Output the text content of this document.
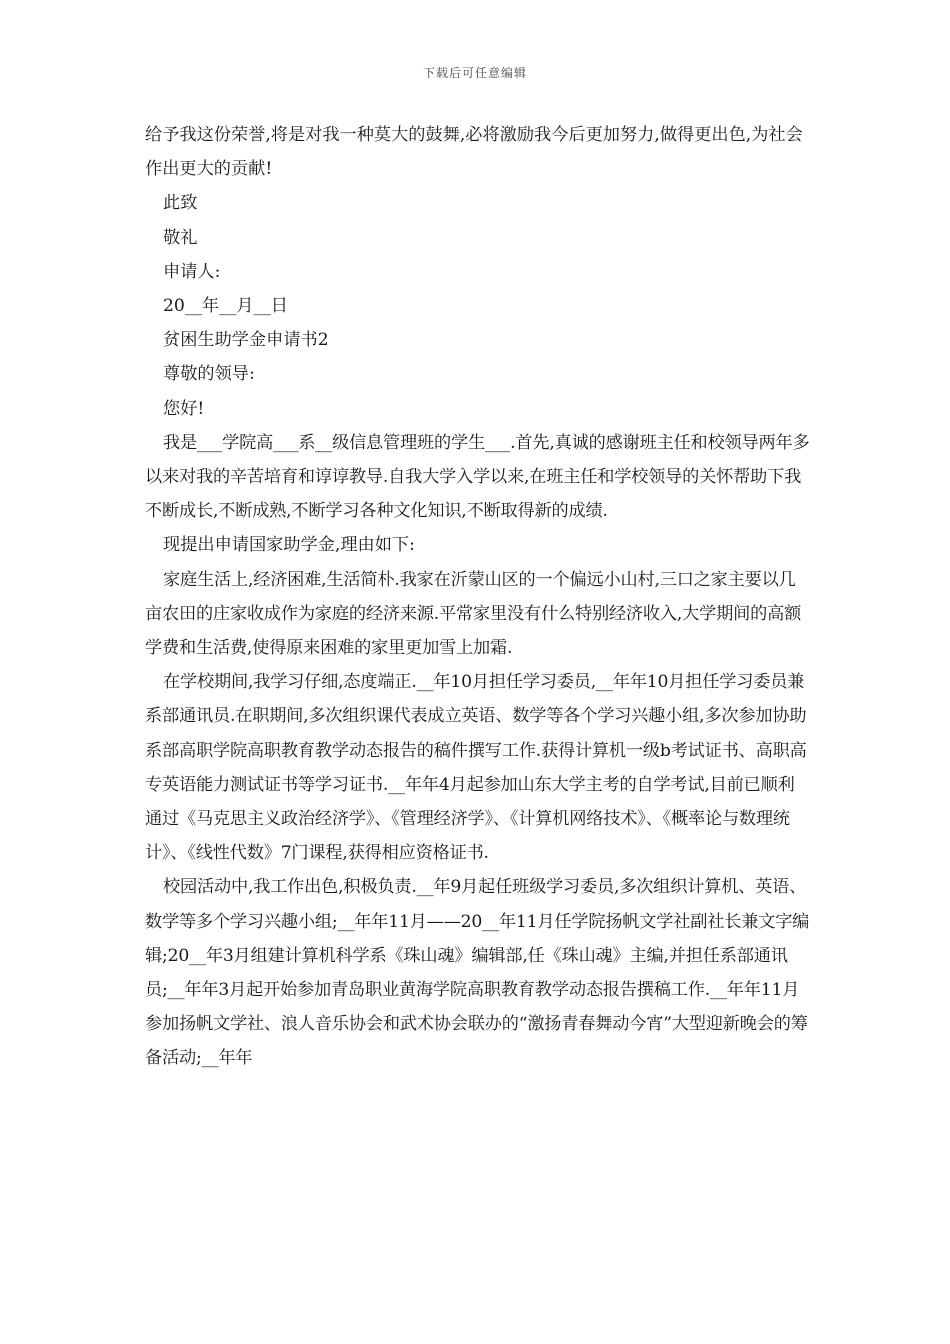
下载后可任意编辑

给予我这份荣誉,将是对我一种莫大的鼓舞,必将激励我今后更加努力,做得更出色,为社会作出更大的贡献!

此致

敬礼

申请人:

20__年__月__日

贫困生助学金申请书2

尊敬的领导:

您好!

我是___学院高___系__级信息管理班的学生___.首先,真诚的感谢班主任和校领导两年多以来对我的辛苦培育和谆谆教导.自我大学入学以来,在班主任和学校领导的关怀帮助下我不断成长,不断成熟,不断学习各种文化知识,不断取得新的成绩.

现提出申请国家助学金,理由如下:

家庭生活上,经济困难,生活简朴.我家在沂蒙山区的一个偏远小山村,三口之家主要以几亩农田的庄家收成作为家庭的经济来源.平常家里没有什么特别经济收入,大学期间的高额学费和生活费,使得原来困难的家里更加雪上加霜.

在学校期间,我学习仔细,态度端正.__年10月担任学习委员,__年年10月担任学习委员兼系部通讯员.在职期间,多次组织课代表成立英语、数学等各个学习兴趣小组,多次参加协助系部高职学院高职教育教学动态报告的稿件撰写工作.获得计算机一级b考试证书、高职高专英语能力测试证书等学习证书.__年年4月起参加山东大学主考的自学考试,目前已顺利通过《马克思主义政治经济学》、《管理经济学》、《计算机网络技术》、《概率论与数理统计》、《线性代数》7门课程,获得相应资格证书.

校园活动中,我工作出色,积极负责.__年9月起任班级学习委员,多次组织计算机、英语、数学等多个学习兴趣小组;__年年11月——20__年11月任学院扬帆文学社副社长兼文字编辑;20__年3月组建计算机科学系《珠山魂》编辑部,任《珠山魂》主编,并担任系部通讯员;__年年3月起开始参加青岛职业黄海学院高职教育教学动态报告撰稿工作.__年年11月参加扬帆文学社、浪人音乐协会和武术协会联办的“激扬青春舞动今宵”大型迎新晚会的筹备活动;__年年
